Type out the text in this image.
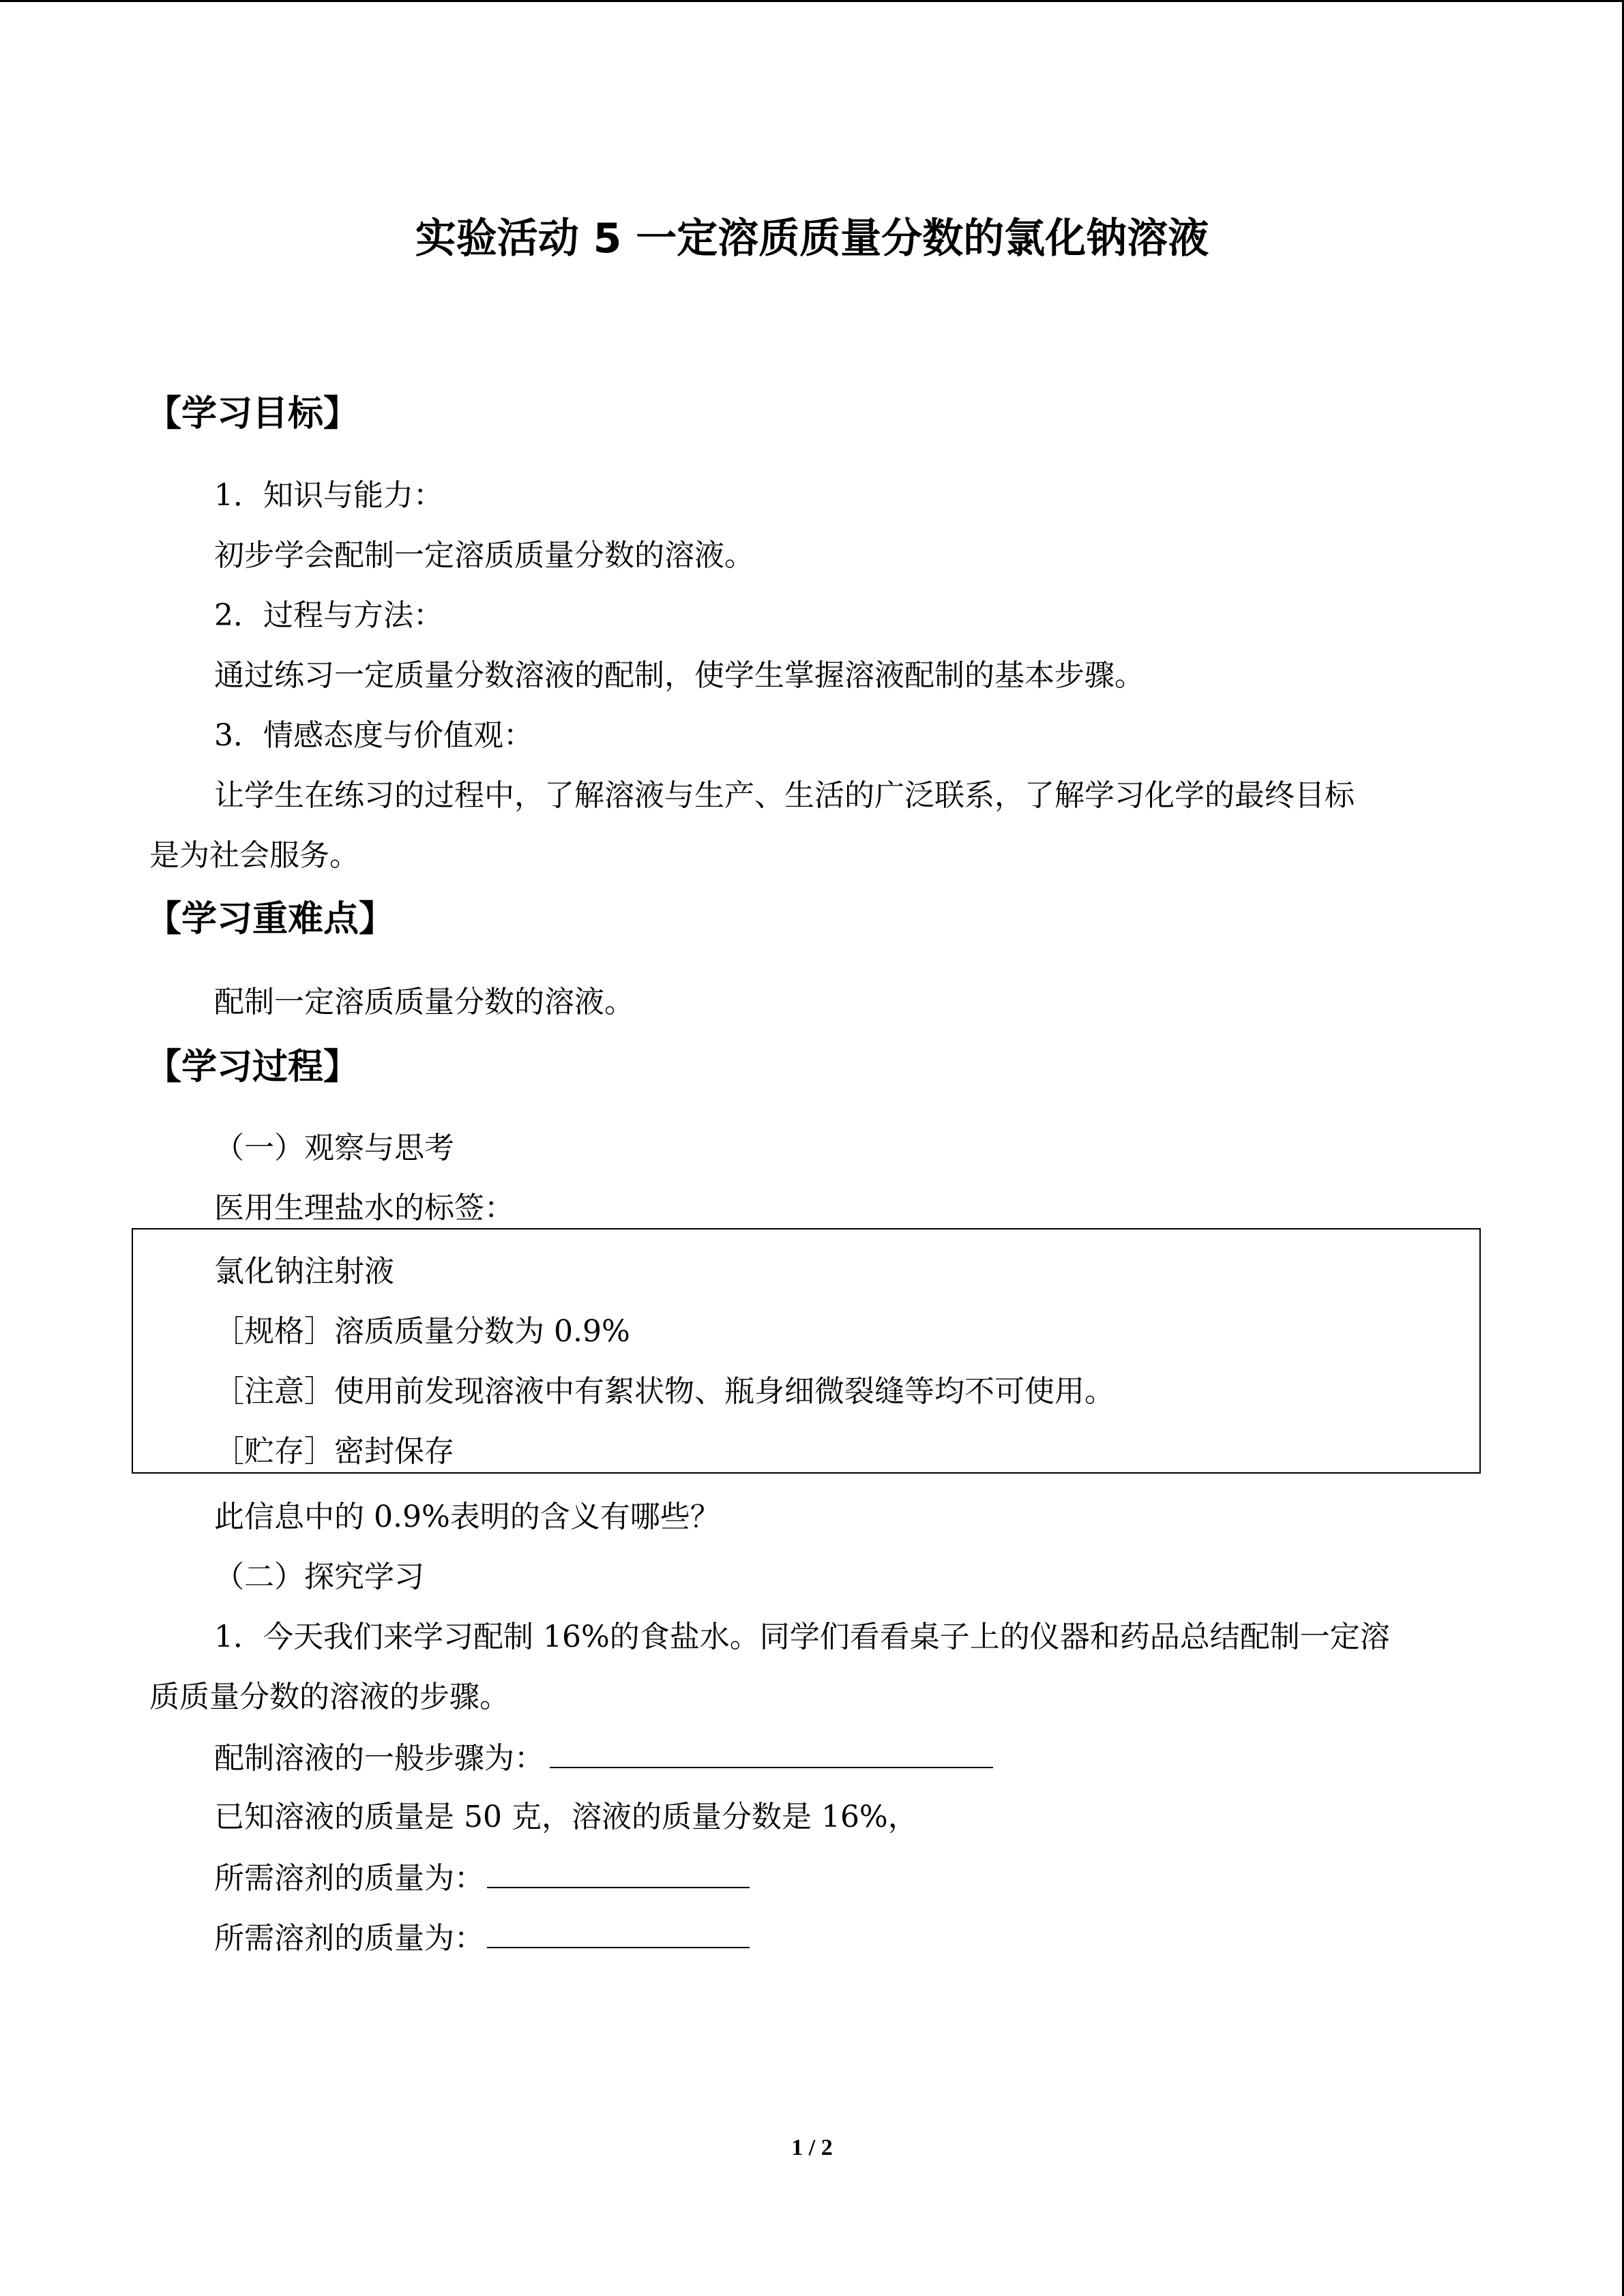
实验活动 5 一定溶质质量分数的氯化钠溶液
【学习目标】
1．知识与能力：
初步学会配制一定溶质质量分数的溶液。
2．过程与方法：
通过练习一定质量分数溶液的配制，使学生掌握溶液配制的基本步骤。
3．情感态度与价值观：
让学生在练习的过程中，了解溶液与生产、生活的广泛联系，了解学习化学的最终目标
是为社会服务。
【学习重难点】
配制一定溶质质量分数的溶液。
【学习过程】
（一）观察与思考
医用生理盐水的标签：
氯化钠注射液
［规格］溶质质量分数为 0.9%
［注意］使用前发现溶液中有絮状物、瓶身细微裂缝等均不可使用。
［贮存］密封保存
此信息中的 0.9%表明的含义有哪些？
（二）探究学习
1．今天我们来学习配制 16%的食盐水。同学们看看桌子上的仪器和药品总结配制一定溶
质质量分数的溶液的步骤。
配制溶液的一般步骤为：
已知溶液的质量是 50 克，溶液的质量分数是 16%，
所需溶剂的质量为：
所需溶剂的质量为：
1 / 2
